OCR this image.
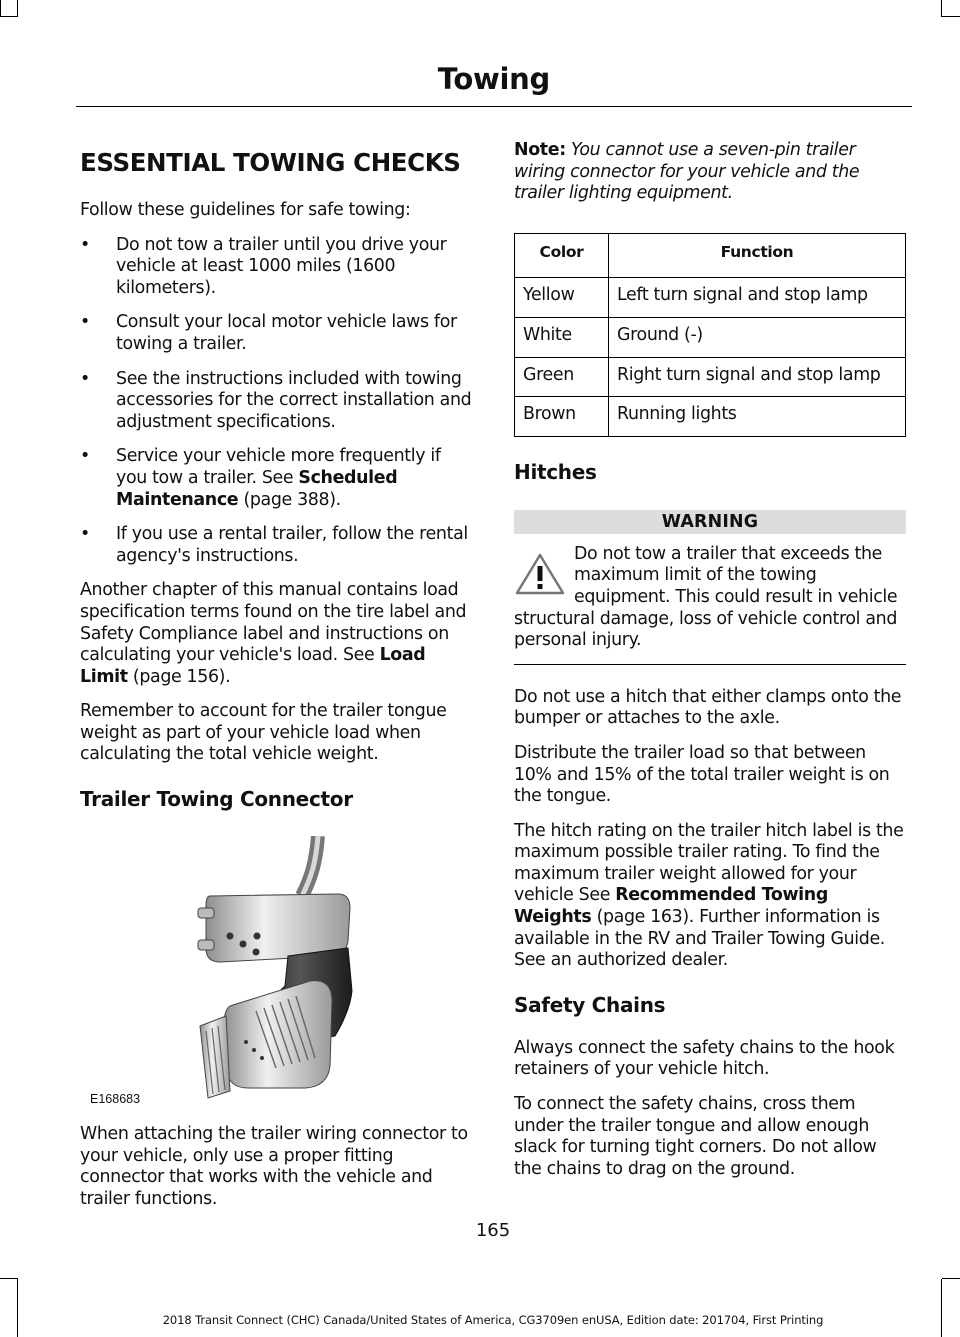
Towing
ESSENTIAL TOWING CHECKS

Follow these guidelines for safe towing:

• Do not tow a trailer until you drive your vehicle at least 1000 miles (1600 kilometers).
• Consult your local motor vehicle laws for towing a trailer.
• See the instructions included with towing accessories for the correct installation and adjustment specifications.
• Service your vehicle more frequently if you tow a trailer. See Scheduled Maintenance (page 388).
• If you use a rental trailer, follow the rental agency's instructions.

Another chapter of this manual contains load specification terms found on the tire label and Safety Compliance label and instructions on calculating your vehicle's load. See Load Limit (page 156).

Remember to account for the trailer tongue weight as part of your vehicle load when calculating the total vehicle weight.

Trailer Towing Connector
E168683

When attaching the trailer wiring connector to your vehicle, only use a proper fitting connector that works with the vehicle and trailer functions.

Note: You cannot use a seven-pin trailer wiring connector for your vehicle and the trailer lighting equipment.

Color	Function
Yellow	Left turn signal and stop lamp
White	Ground (-)
Green	Right turn signal and stop lamp
Brown	Running lights
Hitches
WARNING
Do not tow a trailer that exceeds the maximum limit of the towing equipment. This could result in vehicle structural damage, loss of vehicle control and personal injury.

Do not use a hitch that either clamps onto the bumper or attaches to the axle.

Distribute the trailer load so that between 10% and 15% of the total trailer weight is on the tongue.

The hitch rating on the trailer hitch label is the maximum possible trailer rating. To find the maximum trailer weight allowed for your vehicle See Recommended Towing Weights (page 163). Further information is available in the RV and Trailer Towing Guide. See an authorized dealer.

Safety Chains

Always connect the safety chains to the hook retainers of your vehicle hitch.

To connect the safety chains, cross them under the trailer tongue and allow enough slack for turning tight corners. Do not allow the chains to drag on the ground.

165
2018 Transit Connect (CHC) Canada/United States of America, CG3709en enUSA, Edition date: 201704, First Printing
